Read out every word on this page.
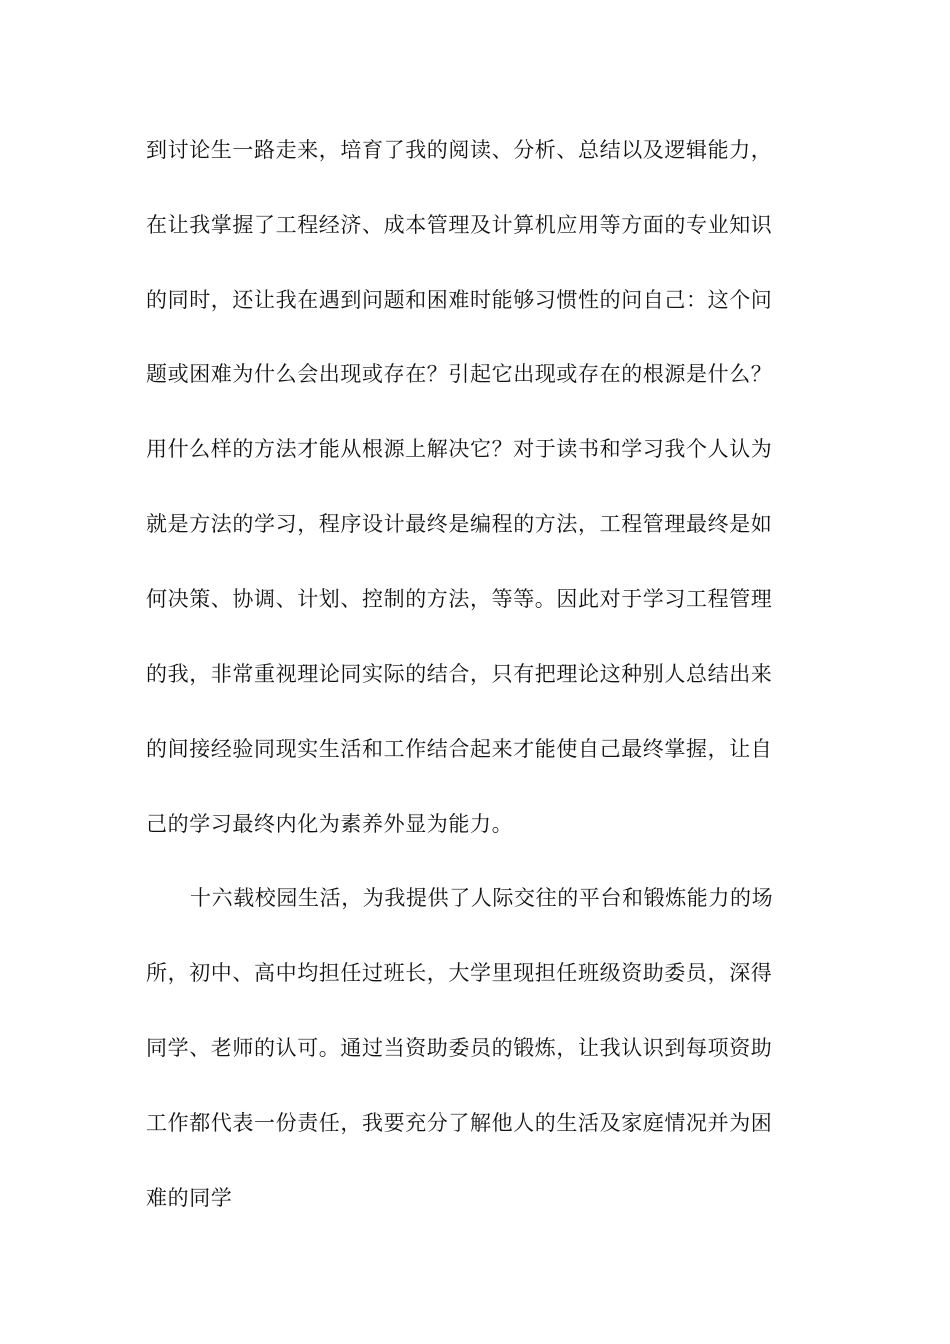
到讨论生一路走来，培育了我的阅读、分析、总结以及逻辑能力，
在让我掌握了工程经济、成本管理及计算机应用等方面的专业知识
的同时，还让我在遇到问题和困难时能够习惯性的问自己：这个问
题或困难为什么会出现或存在？引起它出现或存在的根源是什么？
用什么样的方法才能从根源上解决它？对于读书和学习我个人认为
就是方法的学习，程序设计最终是编程的方法，工程管理最终是如
何决策、协调、计划、控制的方法，等等。因此对于学习工程管理
的我，非常重视理论同实际的结合，只有把理论这种别人总结出来
的间接经验同现实生活和工作结合起来才能使自己最终掌握，让自
己的学习最终内化为素养外显为能力。
十六载校园生活，为我提供了人际交往的平台和锻炼能力的场
所，初中、高中均担任过班长，大学里现担任班级资助委员，深得
同学、老师的认可。通过当资助委员的锻炼，让我认识到每项资助
工作都代表一份责任，我要充分了解他人的生活及家庭情况并为困
难的同学
